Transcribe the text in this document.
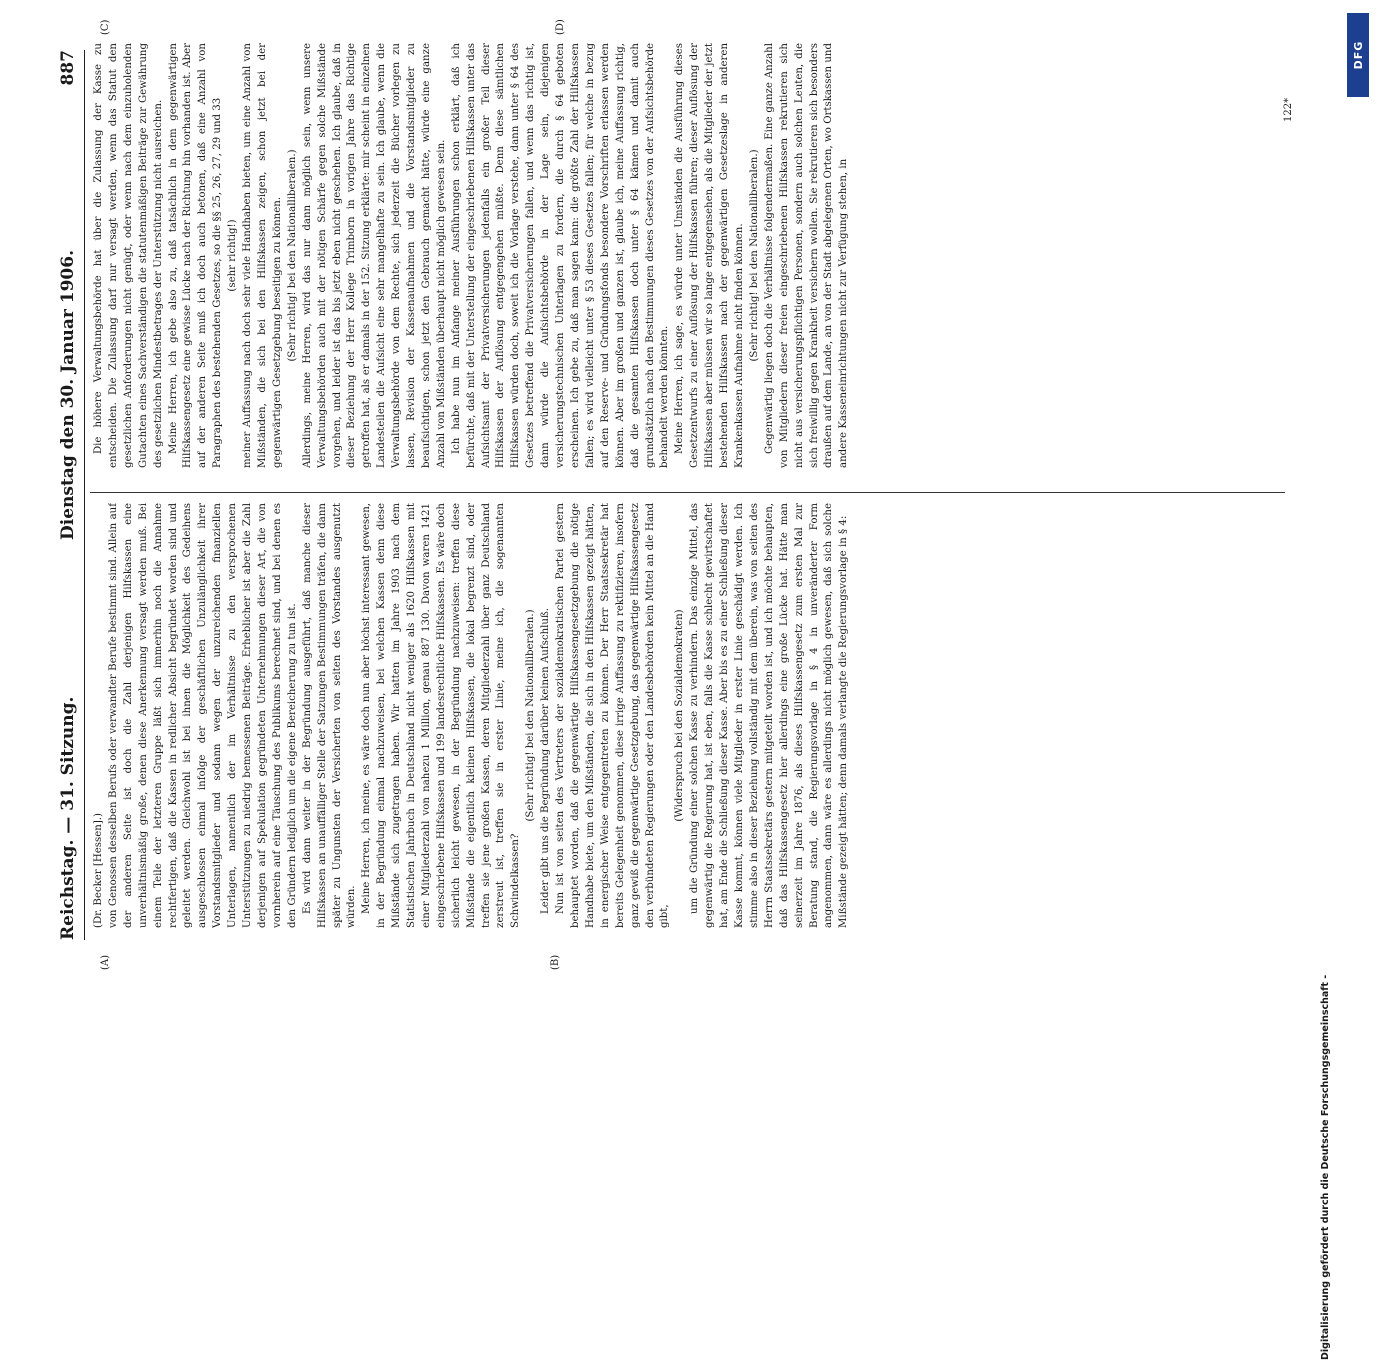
Reichstag. — 31. Sitzung.
Dienstag den 30. Januar 1906.
887
(A)	(B)
(C)	(D)

(Dr. Becker [Hessen].) von Genossen desselben Berufs oder verwandter Berufe bestimmt sind. Allein auf der anderen Seite ist doch die Zahl derjenigen Hilfskassen eine unverhältnismäßig große, denen diese Anerkennung versagt werden muß. Bei einem Teile der letzteren Gruppe läßt sich immerhin noch die Annahme rechtfertigen, daß die Kassen in redlicher Absicht begründet worden sind und geleitet werden. Gleichwohl ist bei ihnen die Möglichkeit des Gedeihens ausgeschlossen einmal infolge der geschäftlichen Unzulänglichkeit ihrer Vorstandsmitglieder und sodann wegen der unzureichenden finanziellen Unterlagen, namentlich der im Verhältnisse zu den versprochenen Unterstützungen zu niedrig bemessenen Beiträge. Erheblicher ist aber die Zahl derjenigen auf Spekulation gegründeten Unternehmungen dieser Art, die von vornherein auf eine Täuschung des Publikums berechnet sind, und bei denen es den Gründern lediglich um die eigene Bereicherung zu tun ist. Es wird dann weiter in der Begründung ausgeführt, daß manche dieser Hilfskassen an unauffälliger Stelle der Satzungen Bestimmungen träfen, die dann später zu Ungunsten der Versicherten von seiten des Vorstandes ausgenutzt würden. Meine Herren, ich meine, es wäre doch nun aber höchst interessant gewesen, in der Begründung einmal nachzuweisen, bei welchen Kassen denn diese Mißstände sich zugetragen haben. Wir hatten im Jahre 1903 nach dem Statistischen Jahrbuch in Deutschland nicht weniger als 1620 Hilfskassen mit einer Mitgliederzahl von nahezu 1 Million, genau 887 130. Davon waren 1421 eingeschriebene Hilfskassen und 199 landesrechtliche Hilfskassen. Es wäre doch sicherlich leicht gewesen, in der Begründung nachzuweisen: treffen diese Mißstände die eigentlich kleinen Hilfskassen, die lokal begrenzt sind, oder treffen sie jene großen Kassen, deren Mitgliederzahl über ganz Deutschland zerstreut ist, treffen sie in erster Linie, meine ich, die sogenannten Schwindelkassen?

(Sehr richtig! bei den Nationalliberalen.) Leider gibt uns die Begründung darüber keinen Aufschluß. Nun ist von seiten des Vertreters der sozialdemokratischen Partei gestern behauptet worden, daß die gegenwärtige Hilfskassengesetzgebung die nötige Handhabe biete, um den Mißständen, die sich in den Hilfskassen gezeigt hätten, in energischer Weise entgegentreten zu können. Der Herr Staatssekretär hat bereits Gelegenheit genommen, diese irrige Auffassung zu rektifizieren, insofern ganz gewiß die gegenwärtige Gesetzgebung, das gegenwärtige Hilfskassengesetz den verbündeten Regierungen oder den Landesbehörden kein Mittel an die Hand gibt,

(Widerspruch bei den Sozialdemokraten) um die Gründung einer solchen Kasse zu verhindern. Das einzige Mittel, das gegenwärtig die Regierung hat, ist eben, falls die Kasse schlecht gewirtschaftet hat, am Ende die Schließung dieser Kasse. Aber bis es zu einer Schließung dieser Kasse kommt, können viele Mitglieder in erster Linie geschädigt werden. Ich stimme also in dieser Beziehung vollständig mit dem überein, was von seiten des Herrn Staatssekretärs gestern mitgeteilt worden ist, und ich möchte behaupten, daß das Hilfskassengesetz hier allerdings eine große Lücke hat. Hätte man seinerzeit im Jahre 1876, als dieses Hilfskassengesetz zum ersten Mal zur Beratung stand, die Regierungsvorlage in § 4 in unveränderter Form angenommen, dann wäre es allerdings nicht möglich gewesen, daß sich solche Mißstände gezeigt hätten; denn damals verlangte die Regierungsvorlage in § 4:

Die höhere Verwaltungsbehörde hat über die Zulassung der Kasse zu entscheiden. Die Zulassung darf nur versagt werden, wenn das Statut den gesetzlichen Anforderungen nicht genügt, oder wenn nach dem einzuholenden Gutachten eines Sachverständigen die statutenmäßigen Beiträge zur Gewährung des gesetzlichen Mindestbetrages der Unterstützung nicht ausreichen. Meine Herren, ich gebe also zu, daß tatsächlich in dem gegenwärtigen Hilfskassengesetz eine gewisse Lücke nach der Richtung hin vorhanden ist. Aber auf der anderen Seite muß ich doch auch betonen, daß eine Anzahl von Paragraphen des bestehenden Gesetzes, so die §§ 25, 26, 27, 29 und 33 (sehr richtig!) meiner Auffassung nach doch sehr viele Handhaben bieten, um eine Anzahl von Mißständen, die sich bei den Hilfskassen zeigen, schon jetzt bei der gegenwärtigen Gesetzgebung beseitigen zu können. (Sehr richtig! bei den Nationalliberalen.) Allerdings, meine Herren, wird das nur dann möglich sein, wenn unsere Verwaltungsbehörden auch mit der nötigen Schärfe gegen solche Mißstände vorgehen, und leider ist das bis jetzt eben nicht geschehen. Ich glaube, daß in dieser Beziehung der Herr Kollege Trimborn in vorigen Jahre das Richtige getroffen hat, als er damals in der 152. Sitzung erklärte: mir scheint in einzelnen Landesteilen die Aufsicht eine sehr mangelhafte zu sein. Ich glaube, wenn die Verwaltungsbehörde von dem Rechte, sich jederzeit die Bücher vorlegen zu lassen, Revision der Kassenaufnahmen und die Vorstandsmitglieder zu beaufsichtigen, schon jetzt den Gebrauch gemacht hätte, würde eine ganze Anzahl von Mißständen überhaupt nicht möglich gewesen sein. Ich habe nun im Anfange meiner Ausführungen schon erklärt, daß ich befürchte, daß mit der Unterstellung der eingeschriebenen Hilfskassen unter das Aufsichtsamt der Privatversicherungen jedenfalls ein großer Teil dieser Hilfskassen der Auflösung entgegengehen müßte. Denn diese sämtlichen Hilfskassen würden doch, soweit ich die Vorlage verstehe, dann unter § 64 des Gesetzes betreffend die Privatversicherungen fallen, und wenn das richtig ist, dann würde die Aufsichtsbehörde in der Lage sein, diejenigen versicherungstechnischen Unterlagen zu fordern, die durch § 64 geboten erscheinen. Ich gebe zu, daß man sagen kann: die größte Zahl der Hilfskassen fallen; es wird vielleicht unter § 53 dieses Gesetzes fallen; für welche in bezug auf den Reserve- und Gründungsfonds besondere Vorschriften erlassen werden können. Aber im großen und ganzen ist, glaube ich, meine Auffassung richtig, daß die gesamten Hilfskassen doch unter § 64 kämen und damit auch grundsätzlich nach den Bestimmungen dieses Gesetzes von der Aufsichtsbehörde behandelt werden könnten. Meine Herren, ich sage, es würde unter Umständen die Ausführung dieses Gesetzentwurfs zu einer Auflösung der Hilfskassen führen; dieser Auflösung der Hilfskassen aber müssen wir so lange entgegensehen, als die Mitglieder der jetzt bestehenden Hilfskassen nach der gegenwärtigen Gesetzeslage in anderen Krankenkassen Aufnahme nicht finden können. (Sehr richtig! bei den Nationalliberalen.) Gegenwärtig liegen doch die Verhältnisse folgendermaßen. Eine ganze Anzahl von Mitgliedern dieser freien eingeschriebenen Hilfskassen rekrutieren sich nicht aus versicherungspflichtigen Personen, sondern auch solchen Leuten, die sich freiwillig gegen Krankheit versichern wollen. Sie rekrutieren sich besonders draußen auf dem Lande, an von der Stadt abgelegenen Orten, wo Ortskassen und andere Kasseneinrichtungen nicht zur Verfügung stehen, in

122*
Digitalisierung gefördert durch die Deutsche Forschungsgemeinschaft -
DFG
